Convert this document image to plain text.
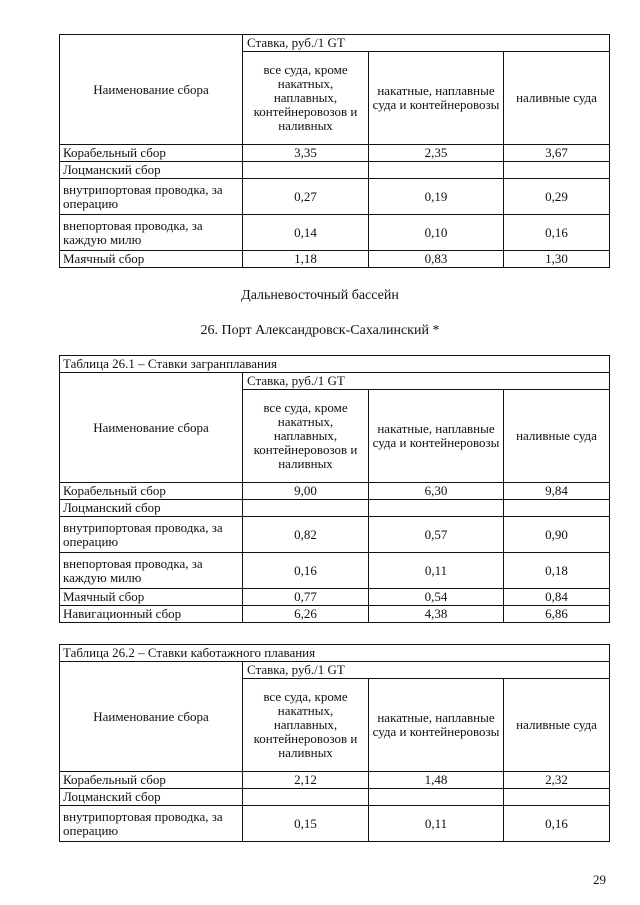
Наименование сбора	Ставка, руб./1 GT		
	все суда, кроме накатных, наплавных, контейнеровозов и наливных	накатные, наплавные суда и контейнеровозы	наливные суда
Корабельный сбор	3,35	2,35	3,67
Лоцманский сбор			
внутрипортовая проводка, за операцию	0,27	0,19	0,29
внепортовая проводка, за каждую милю	0,14	0,10	0,16
Маячный сбор	1,18	0,83	1,30
Дальневосточный бассейн
26. Порт Александровск-Сахалинский *
Таблица 26.1 – Ставки загранплавания			
Наименование сбора	Ставка, руб./1 GT		
	все суда, кроме накатных, наплавных, контейнеровозов и наливных	накатные, наплавные суда и контейнеровозы	наливные суда
Корабельный сбор	9,00	6,30	9,84
Лоцманский сбор			
внутрипортовая проводка, за операцию	0,82	0,57	0,90
внепортовая проводка, за каждую милю	0,16	0,11	0,18
Маячный сбор	0,77	0,54	0,84
Навигационный сбор	6,26	4,38	6,86
Таблица 26.2 – Ставки каботажного плавания			
Наименование сбора	Ставка, руб./1 GT		
	все суда, кроме накатных, наплавных, контейнеровозов и наливных	накатные, наплавные суда и контейнеровозы	наливные суда
Корабельный сбор	2,12	1,48	2,32
Лоцманский сбор			
внутрипортовая проводка, за операцию	0,15	0,11	0,16
29
